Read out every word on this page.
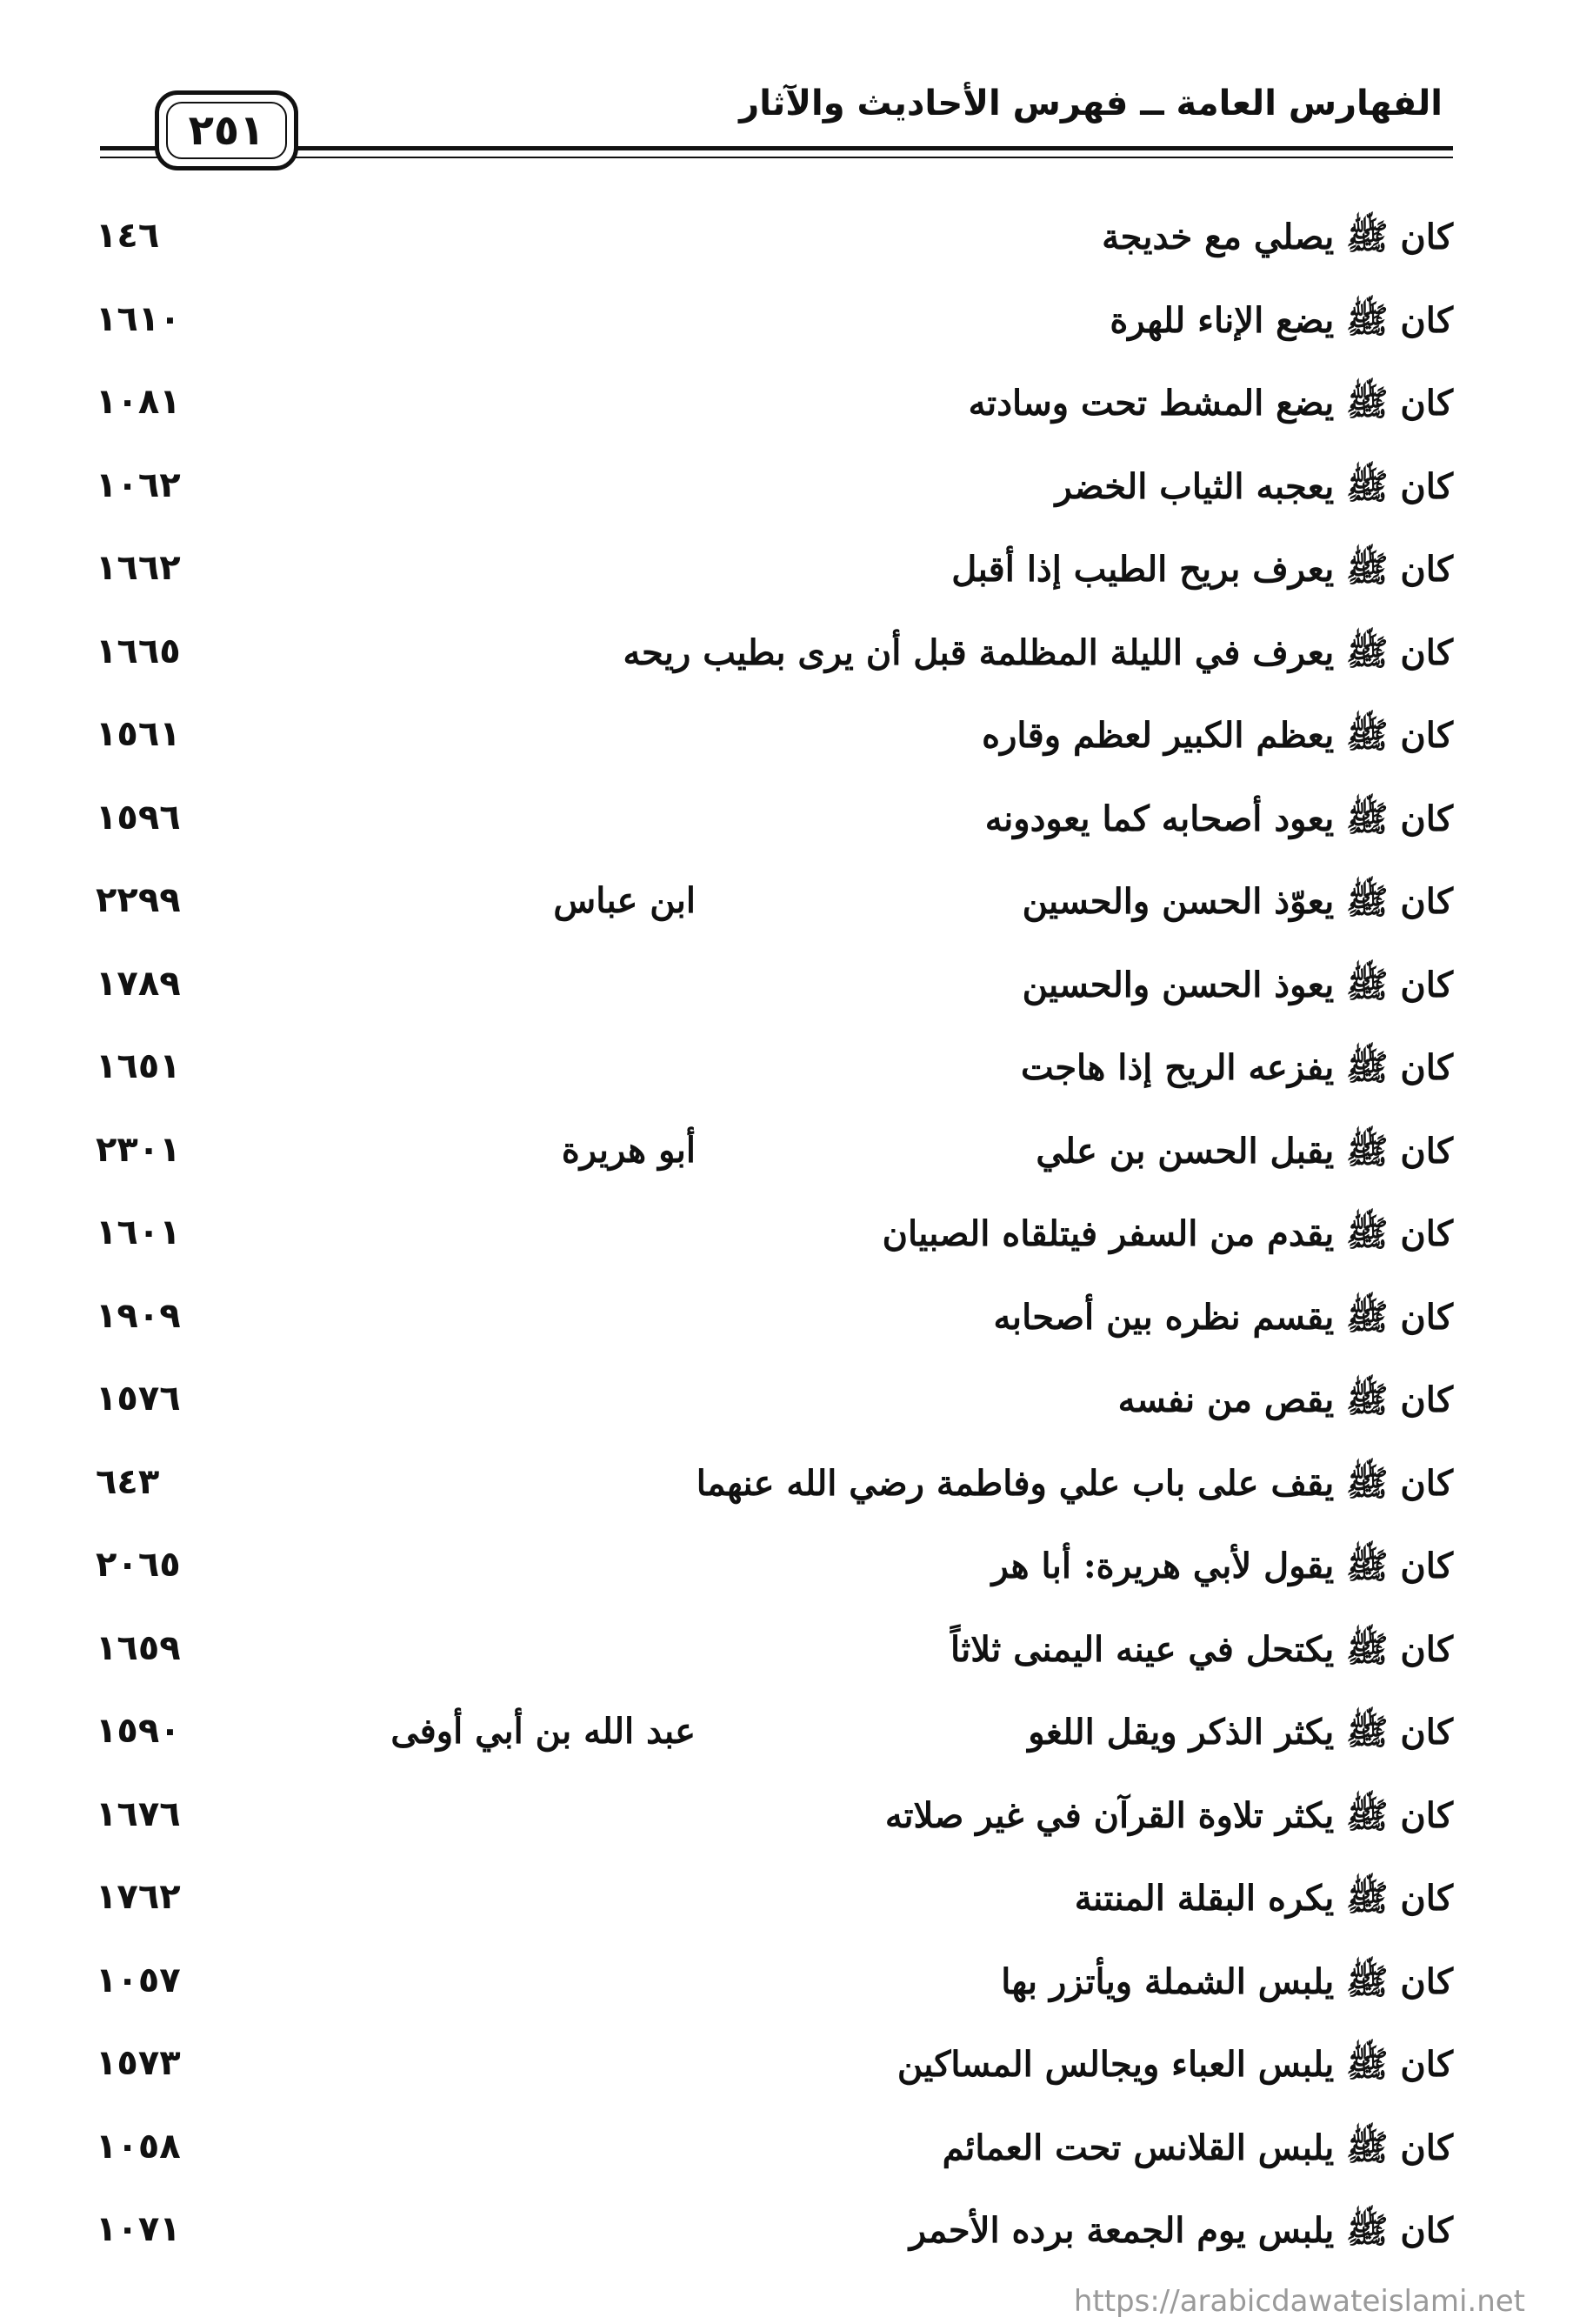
الفهارس العامة ــ فهرس الأحاديث والآثار
٢٥١
كان ﷺ يصلي مع خديجة
١٤٦
كان ﷺ يضع الإناء للهرة
١٦١٠
كان ﷺ يضع المشط تحت وسادته
١٠٨١
كان ﷺ يعجبه الثياب الخضر
١٠٦٢
كان ﷺ يعرف بريح الطيب إذا أقبل
١٦٦٢
كان ﷺ يعرف في الليلة المظلمة قبل أن يرى بطيب ريحه
١٦٦٥
كان ﷺ يعظم الكبير لعظم وقاره
١٥٦١
كان ﷺ يعود أصحابه كما يعودونه
١٥٩٦
كان ﷺ يعوّذ الحسن والحسين
ابن عباس
٢٢٩٩
كان ﷺ يعوذ الحسن والحسين
١٧٨٩
كان ﷺ يفزعه الريح إذا هاجت
١٦٥١
كان ﷺ يقبل الحسن بن علي
أبو هريرة
٢٣٠١
كان ﷺ يقدم من السفر فيتلقاه الصبيان
١٦٠١
كان ﷺ يقسم نظره بين أصحابه
١٩٠٩
كان ﷺ يقص من نفسه
١٥٧٦
كان ﷺ يقف على باب علي وفاطمة رضي الله عنهما
٦٤٣
كان ﷺ يقول لأبي هريرة: أبا هر
٢٠٦٥
كان ﷺ يكتحل في عينه اليمنى ثلاثاً
١٦٥٩
كان ﷺ يكثر الذكر ويقل اللغو
عبد الله بن أبي أوفى
١٥٩٠
كان ﷺ يكثر تلاوة القرآن في غير صلاته
١٦٧٦
كان ﷺ يكره البقلة المنتنة
١٧٦٢
كان ﷺ يلبس الشملة ويأتزر بها
١٠٥٧
كان ﷺ يلبس العباء ويجالس المساكين
١٥٧٣
كان ﷺ يلبس القلانس تحت العمائم
١٠٥٨
كان ﷺ يلبس يوم الجمعة برده الأحمر
١٠٧١
https://arabicdawateislami.net
